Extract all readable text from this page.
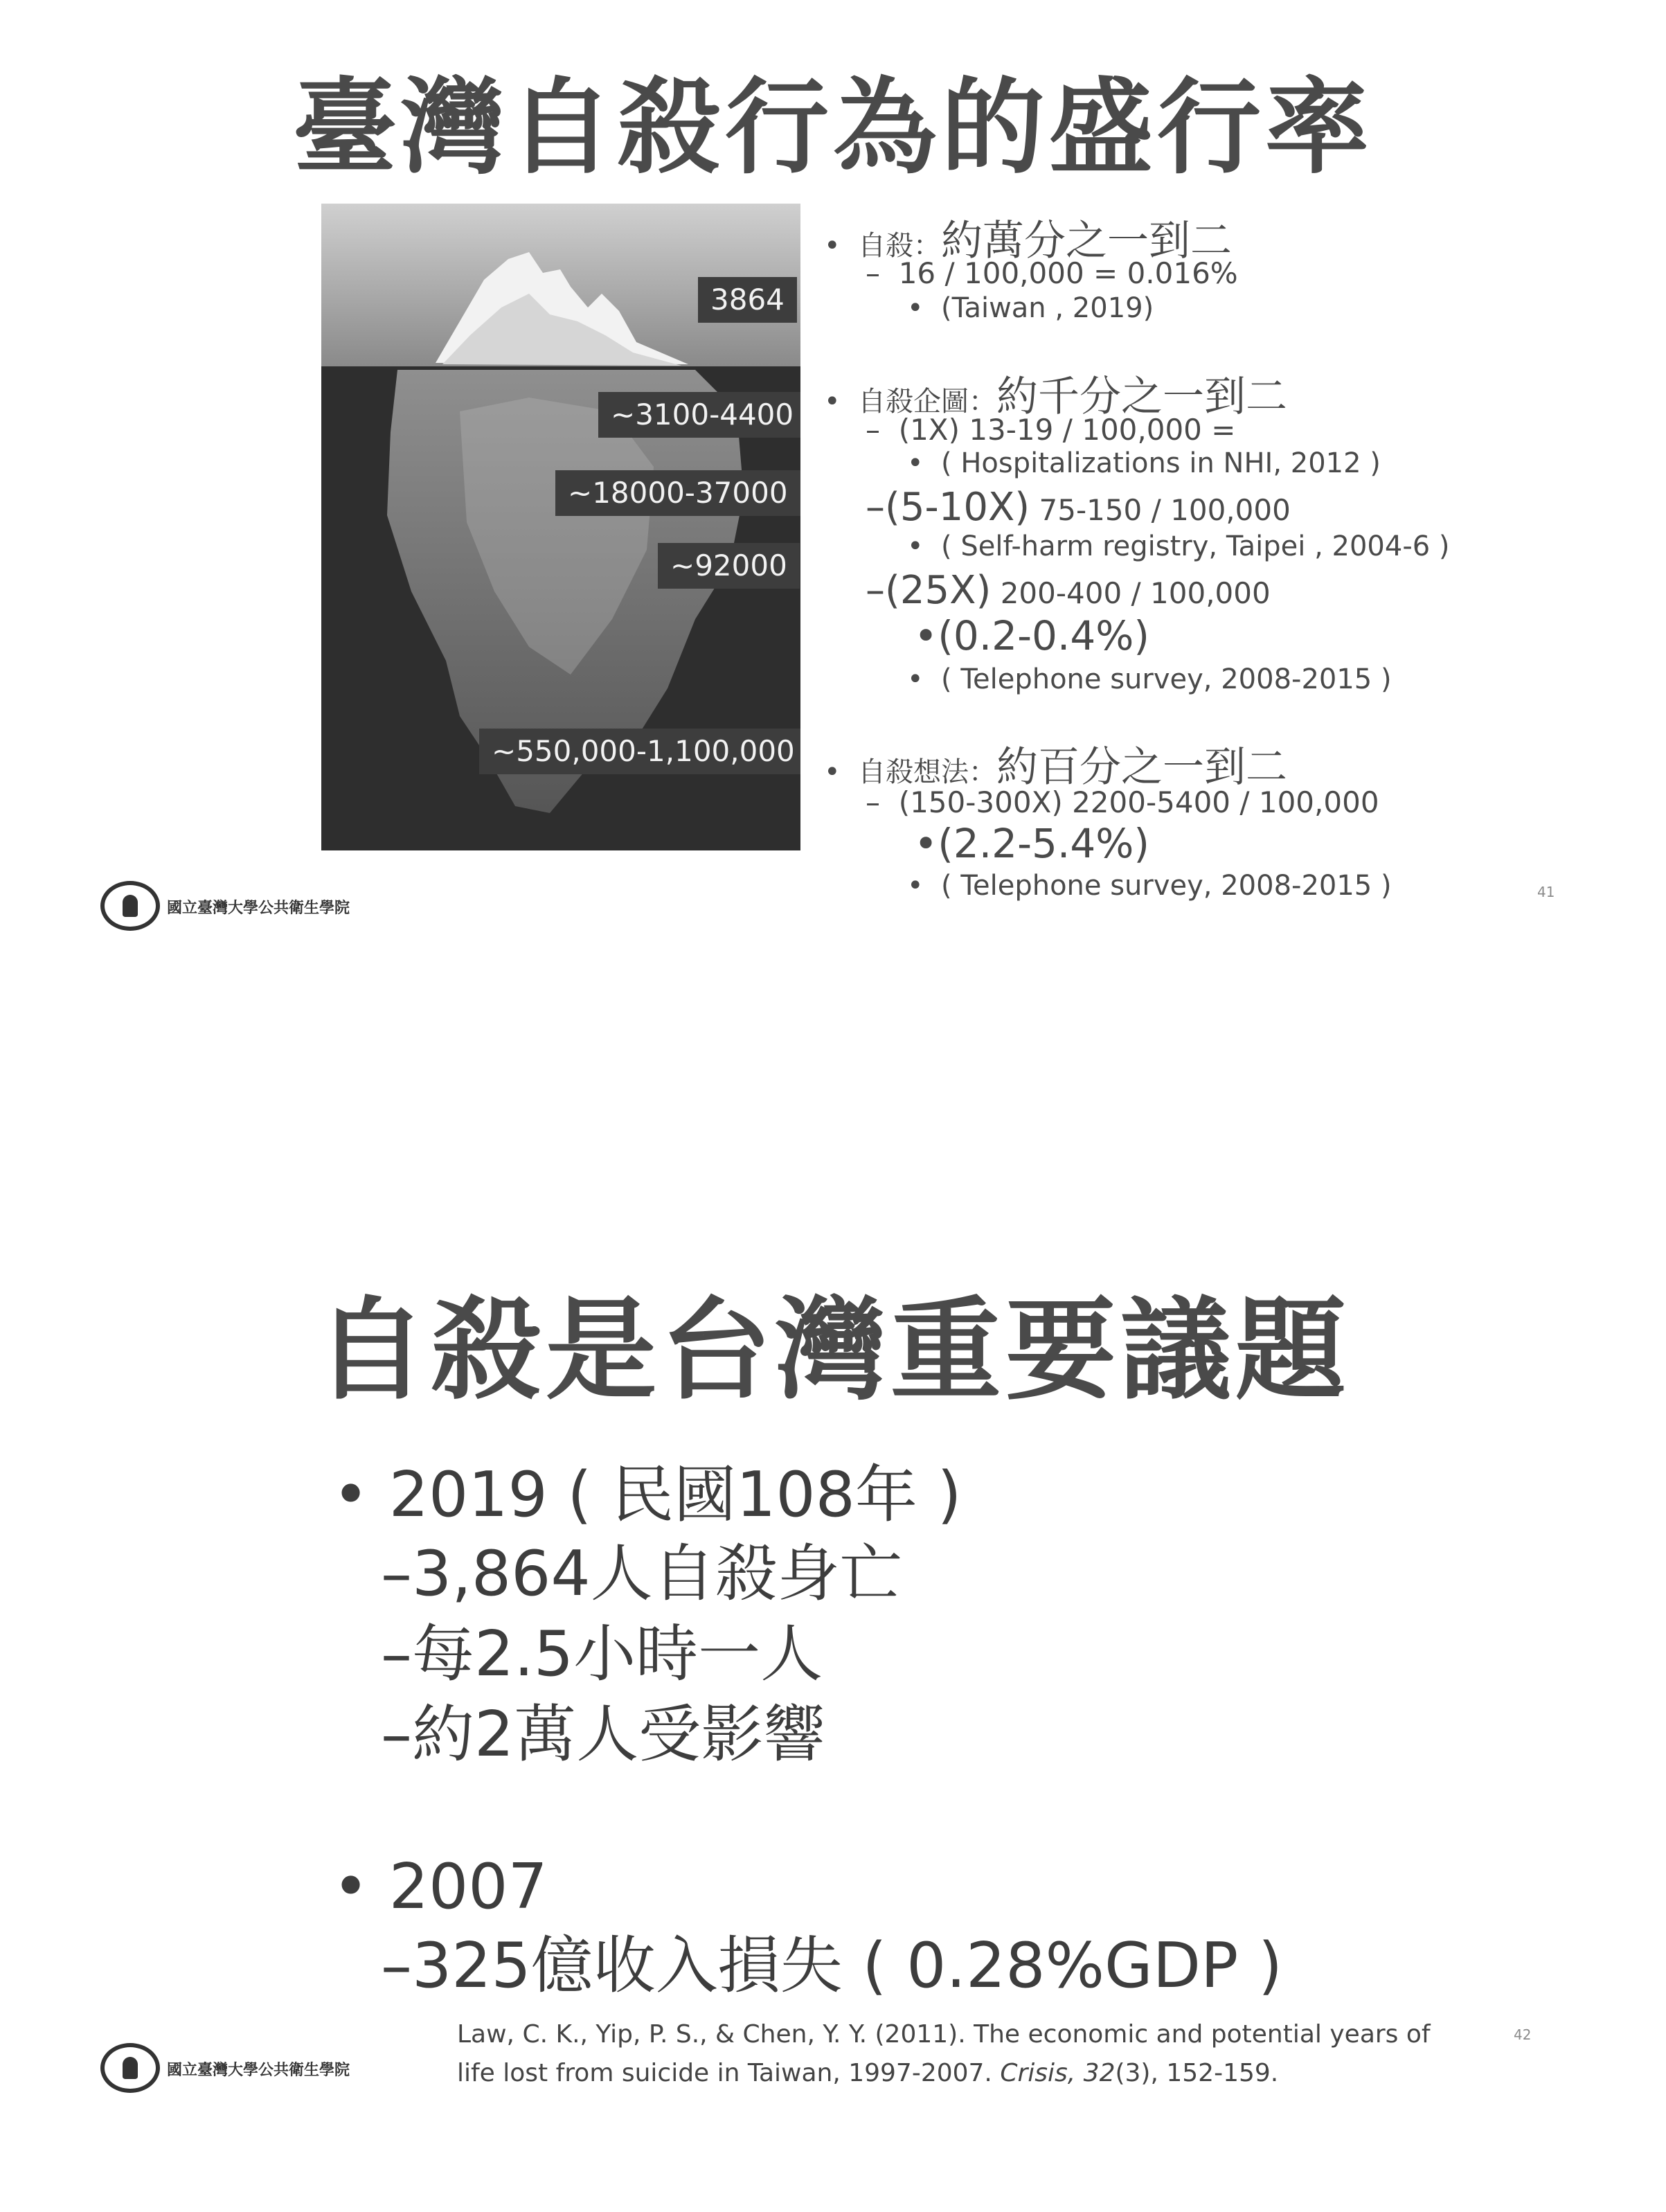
臺灣自殺行為的盛行率
3864
~3100-4400
~18000-37000
~92000
~550,000-1,100,000
•  自殺：約萬分之一到二
–  16 / 100,000 = 0.016%
•  (Taiwan , 2019)
•  自殺企圖：約千分之一到二
–  (1X) 13-19 / 100,000 =
•  ( Hospitalizations in NHI, 2012 )
–(5-10X) 75-150 / 100,000
•  ( Self-harm registry, Taipei , 2004-6 )
–(25X) 200-400 / 100,000
•(0.2-0.4%)
•  ( Telephone survey, 2008-2015 )
•  自殺想法：約百分之一到二
–  (150-300X) 2200-5400 / 100,000
•(2.2-5.4%)
•  ( Telephone survey, 2008-2015 )
國立臺灣大學公共衛生學院
41
自殺是台灣重要議題
• 2019 ( 民國108年 )
–3,864人自殺身亡
–每2.5小時一人
–約2萬人受影響
• 2007
–325億收入損失 ( 0.28%GDP )
Law, C. K., Yip, P. S., & Chen, Y. Y. (2011). The economic and potential years of
life lost from suicide in Taiwan, 1997-2007. Crisis, 32(3), 152-159.
國立臺灣大學公共衛生學院
42
